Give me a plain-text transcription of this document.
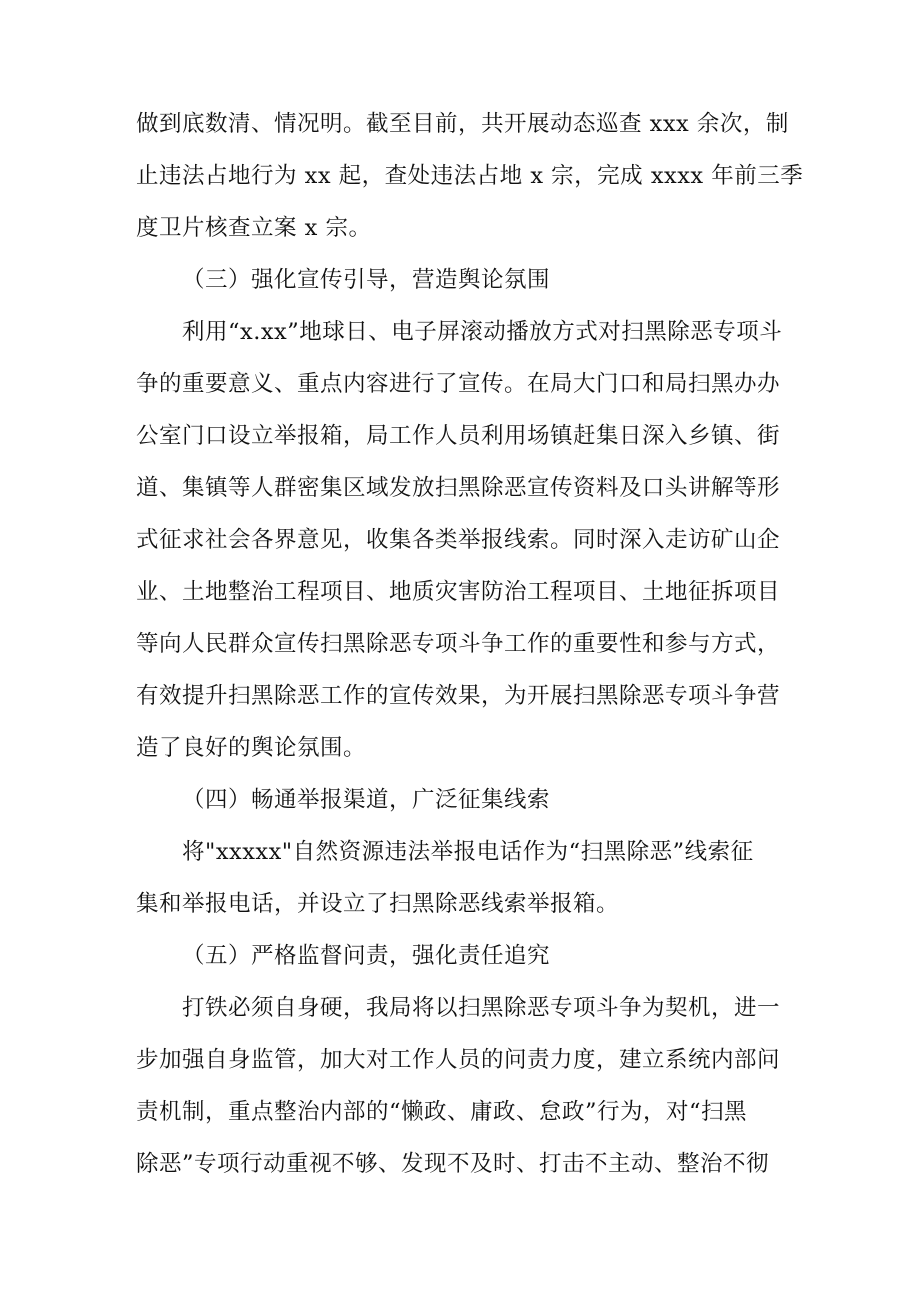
做到底数清、情况明。截至目前，共开展动态巡查 xxx 余次，制
止违法占地行为 xx 起，查处违法占地 x 宗，完成 xxxx 年前三季
度卫片核查立案 x 宗。
（三）强化宣传引导，营造舆论氛围
利用“x.xx”地球日、电子屏滚动播放方式对扫黑除恶专项斗
争的重要意义、重点内容进行了宣传。在局大门口和局扫黑办办
公室门口设立举报箱，局工作人员利用场镇赶集日深入乡镇、街
道、集镇等人群密集区域发放扫黑除恶宣传资料及口头讲解等形
式征求社会各界意见，收集各类举报线索。同时深入走访矿山企
业、土地整治工程项目、地质灾害防治工程项目、土地征拆项目
等向人民群众宣传扫黑除恶专项斗争工作的重要性和参与方式，
有效提升扫黑除恶工作的宣传效果，为开展扫黑除恶专项斗争营
造了良好的舆论氛围。
（四）畅通举报渠道，广泛征集线索
将"xxxxx"自然资源违法举报电话作为“扫黑除恶”线索征
集和举报电话，并设立了扫黑除恶线索举报箱。
（五）严格监督问责，强化责任追究
打铁必须自身硬，我局将以扫黑除恶专项斗争为契机，进一
步加强自身监管，加大对工作人员的问责力度，建立系统内部问
责机制，重点整治内部的“懒政、庸政、怠政”行为，对“扫黑
除恶”专项行动重视不够、发现不及时、打击不主动、整治不彻
